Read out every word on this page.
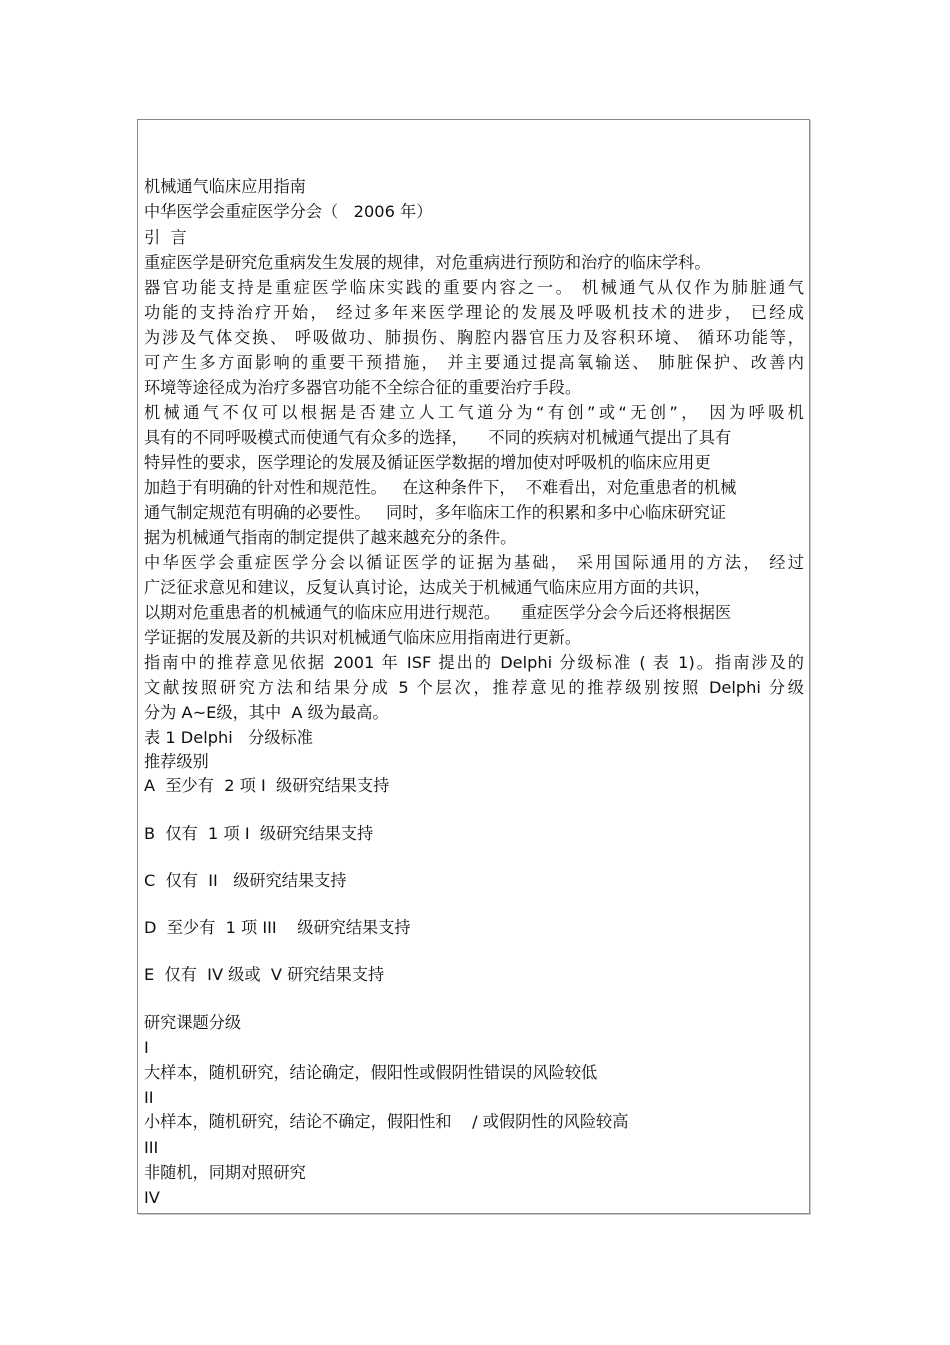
机械通气临床应用指南

中华医学会重症医学分会（   2006 年）

引  言

重症医学是研究危重病发生发展的规律，对危重病进行预防和治疗的临床学科。

器官功能支持是重症医学临床实践的重要内容之一。 机械通气从仅作为肺脏通气

功能的支持治疗开始， 经过多年来医学理论的发展及呼吸机技术的进步， 已经成

为涉及气体交换、 呼吸做功、肺损伤、胸腔内器官压力及容积环境、 循环功能等，

可产生多方面影响的重要干预措施， 并主要通过提高氧输送、 肺脏保护、改善内

环境等途径成为治疗多器官功能不全综合征的重要治疗手段。

机械通气不仅可以根据是否建立人工气道分为“有创”或“无创”， 因为呼吸机

具有的不同呼吸模式而使通气有众多的选择，    不同的疾病对机械通气提出了具有

特异性的要求，医学理论的发展及循证医学数据的增加使对呼吸机的临床应用更

加趋于有明确的针对性和规范性。   在这种条件下，  不难看出，对危重患者的机械

通气制定规范有明确的必要性。   同时，多年临床工作的积累和多中心临床研究证

据为机械通气指南的制定提供了越来越充分的条件。

中华医学会重症医学分会以循证医学的证据为基础， 采用国际通用的方法， 经过

广泛征求意见和建议，反复认真讨论，达成关于机械通气临床应用方面的共识，

以期对危重患者的机械通气的临床应用进行规范。    重症医学分会今后还将根据医

学证据的发展及新的共识对机械通气临床应用指南进行更新。

指南中的推荐意见依据 2001 年 ISF 提出的 Delphi 分级标准 ( 表 1)。指南涉及的

文献按照研究方法和结果分成 5 个层次，推荐意见的推荐级别按照 Delphi 分级

分为 A~E级，其中  A 级为最高。

表 1 Delphi   分级标准

推荐级别

A  至少有  2 项 I  级研究结果支持

B  仅有  1 项 I  级研究结果支持

C  仅有  II   级研究结果支持

D  至少有  1 项 III    级研究结果支持

E  仅有  IV 级或  V 研究结果支持

研究课题分级

I

大样本，随机研究，结论确定，假阳性或假阴性错误的风险较低

II

小样本，随机研究，结论不确定，假阳性和    / 或假阴性的风险较高

III

非随机，同期对照研究

IV
